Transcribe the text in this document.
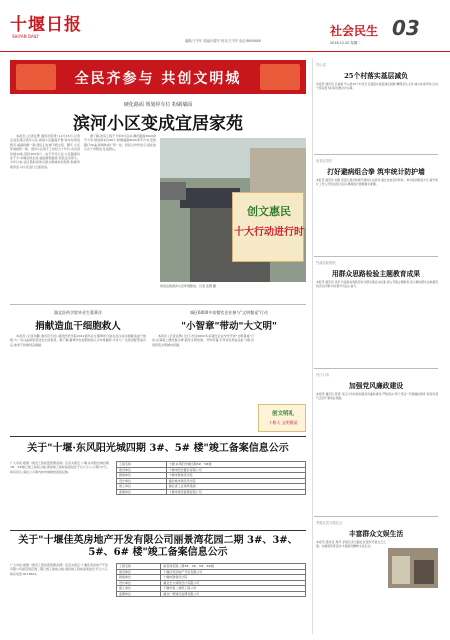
十堰日报
SHIYAN DAILY
编辑/王书华 美编/向建华 校对/王书华 电话:8689888
社会民生 03
2016.12.20 星期二
全民齐参与 共创文明城
硬化路面 规划停车位 粉刷墙面
滨河小区变成宜居家苑

本报讯 (记者张慧 通讯员陈青) 12月15日,记者走进张湾区滨河小区,看到小区路面平整,停车位划线整齐,墙面粉刷一新,居民们在楼下晒太阳、聊天,小区环境焕然一新。滨河小区建于上世纪九十年代,共有居民楼12栋,居民400余户。由于年代久远,小区路面坑洼不平,车辆乱停乱放,墙面斑驳脱落,居民意见很大。今年以来,社区借助创建全国文明城市的契机,积极争取资金,对小区进行全面改造。

据了解,改造工程于今年8月启动,硬化路面3000余平方米,规划停车位80个,粉刷墙面8000余平方米,安装路灯20盏,新建休闲广场一处。居民们纷纷表示,现在的小区干净整洁,住着舒心。

创文惠民
十大行动进行时
改造后的滨河小区环境整洁。记者 张慧 摄
湖北医药学院毕业生董華洋
捐献造血干细胞救人

本报讯 (记者刘鹏 通讯员王培) 湖北医药学院2012届毕业生董華洋日前在武汉成功捐献造血干细胞,为一名白血病患者送去生的希望。据了解,董華洋在校期间加入中华骨髓库,今年与一名患者配型成功后,他毫不犹豫同意捐献。

城区6000多家餐饮企业参与"文明餐桌"行动
"小智章"带动"大文明"

本报讯 (记者邓勇) 近日,市区6000多家餐饮企业纷纷开展"文明餐桌"行动,在餐桌上摆放提示牌,倡导文明用餐、节约用餐,引导市民养成良好习惯,共同营造文明城市氛围。

创文明礼
十堰人 文明餐桌
关于"十堰·东风阳光城四期 3#、5# 楼"竣工备案信息公示
广大市民:根据《建设工程质量管理条例》及有关规定,十堰·东风阳光城四期3#、5#楼已竣工验收合格,现将竣工验收备案信息予以公示,公示期为7天。如有异议,请在公示期内向市城建档案馆反映。
工程名称	十堰·东风阳光城四期3#、5#楼
建设单位	十堰市阳光置业有限公司
勘察单位	十堰市勘察设计院
设计单位	湖北城市建设设计院
施工单位	湖北省工业建筑集团
监理单位	十堰市建设监理有限公司
关于"十堰佳英房地产开发有限公司丽景湾花园二期 3#、3#、5#、6# 楼"竣工备案信息公示
广大市民:根据《建设工程质量管理条例》及有关规定,十堰佳英房地产开发有限公司丽景湾花园二期已竣工验收合格,现将竣工验收备案信息予以公示。联系电话:8118622。
工程名称	丽景湾花园二期3#、3#、5#、6#楼
建设单位	十堰佳英房地产开发有限公司
勘察单位	十堰市勘察设计院
设计单位	湖北长力建筑设计有限公司
施工单位	十堰市第二建筑工程公司
监理单位	湖北广源建设监理有限公司
竹山县
25个村落实基层减负
本报讯 通讯员 吕成智 竹山县25个村近日全面落实基层减负措施,精简会议文件,减少检查考核,让村干部有更多时间为群众办实事。
房县红塔乡
打好避病组合拳 筑牢统计防护墙
本报讯 通讯员 刘新 房县红塔乡积极开展统计法宣传,通过发放宣传资料、举办培训班等方式,提升统计工作人员依法统计意识,确保统计数据真实准确。
竹溪县检察院
用群众思路检验主题教育成果
本报讯 通讯员 张华 竹溪县检察院坚持以群众满意为标准,深入开展主题教育,着力解决群众反映强烈的突出问题,切实提升司法公信力。
丹江口市
加强党风廉政建设
本报讯 通讯员 陈勇 丹江口市持续加强党风廉政建设,严格落实"两个责任",开展廉政教育,营造风清气正的干事创业氛围。
茅箭区武当路社区
丰富群众文娱生活
本报讯 通讯员 周萍 茅箭区武当路社区组织开展文艺汇演、书画展览等活动,丰富居民精神文化生活。
